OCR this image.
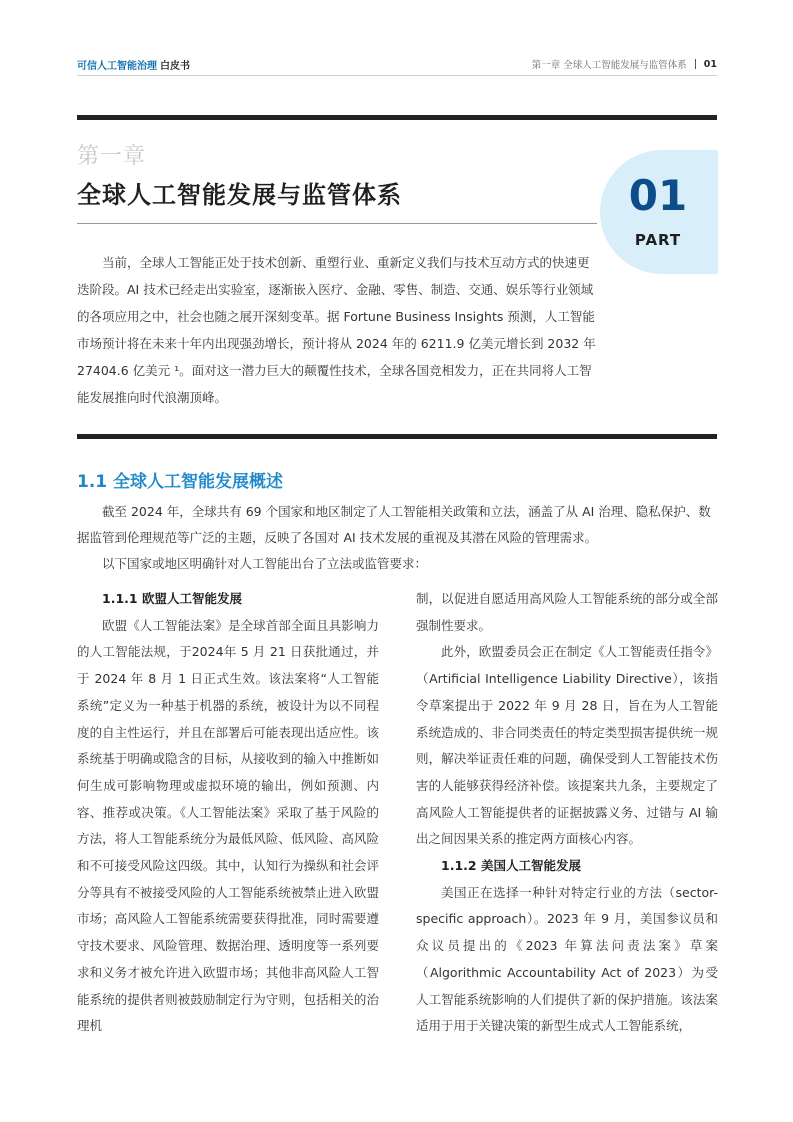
可信人工智能治理 白皮书	第一章 全球人工智能发展与监管体系 01
01
PART
第一章
全球人工智能发展与监管体系

当前，全球人工智能正处于技术创新、重塑行业、重新定义我们与技术互动方式的快速更迭阶段。AI 技术已经走出实验室，逐渐嵌入医疗、金融、零售、制造、交通、娱乐等行业领域的各项应用之中，社会也随之展开深刻变革。据 Fortune Business Insights 预测，人工智能市场预计将在未来十年内出现强劲增长，预计将从 2024 年的 6211.9 亿美元增长到 2032 年 27404.6 亿美元 ¹。面对这一潜力巨大的颠覆性技术，全球各国竞相发力，正在共同将人工智能发展推向时代浪潮顶峰。

1.1 全球人工智能发展概述

截至 2024 年，全球共有 69 个国家和地区制定了人工智能相关政策和立法，涵盖了从 AI 治理、隐私保护、数据监管到伦理规范等广泛的主题，反映了各国对 AI 技术发展的重视及其潜在风险的管理需求。

以下国家或地区明确针对人工智能出台了立法或监管要求：

1.1.1 欧盟人工智能发展

欧盟《人工智能法案》是全球首部全面且具影响力的人工智能法规，于2024年 5 月 21 日获批通过，并于 2024 年 8 月 1 日正式生效。该法案将“人工智能系统”定义为一种基于机器的系统，被设计为以不同程度的自主性运行，并且在部署后可能表现出适应性。该系统基于明确或隐含的目标，从接收到的输入中推断如何生成可影响物理或虚拟环境的输出，例如预测、内容、推荐或决策。《人工智能法案》采取了基于风险的方法，将人工智能系统分为最低风险、低风险、高风险和不可接受风险这四级。其中，认知行为操纵和社会评分等具有不被接受风险的人工智能系统被禁止进入欧盟市场；高风险人工智能系统需要获得批准，同时需要遵守技术要求、风险管理、数据治理、透明度等一系列要求和义务才被允许进入欧盟市场；其他非高风险人工智能系统的提供者则被鼓励制定行为守则，包括相关的治理机

制，以促进自愿适用高风险人工智能系统的部分或全部强制性要求。

此外，欧盟委员会正在制定《人工智能责任指令》（Artificial Intelligence Liability Directive），该指令草案提出于 2022 年 9 月 28 日，旨在为人工智能系统造成的、非合同类责任的特定类型损害提供统一规则，解决举证责任难的问题，确保受到人工智能技术伤害的人能够获得经济补偿。该提案共九条，主要规定了高风险人工智能提供者的证据披露义务、过错与 AI 输出之间因果关系的推定两方面核心内容。

1.1.2 美国人工智能发展

美国正在选择一种针对特定行业的方法（sector-specific approach）。2023 年 9 月，美国参议员和众议员提出的《2023 年算法问责法案》草案（Algorithmic Accountability Act of 2023）为受人工智能系统影响的人们提供了新的保护措施。该法案适用于用于关键决策的新型生成式人工智能系统，
